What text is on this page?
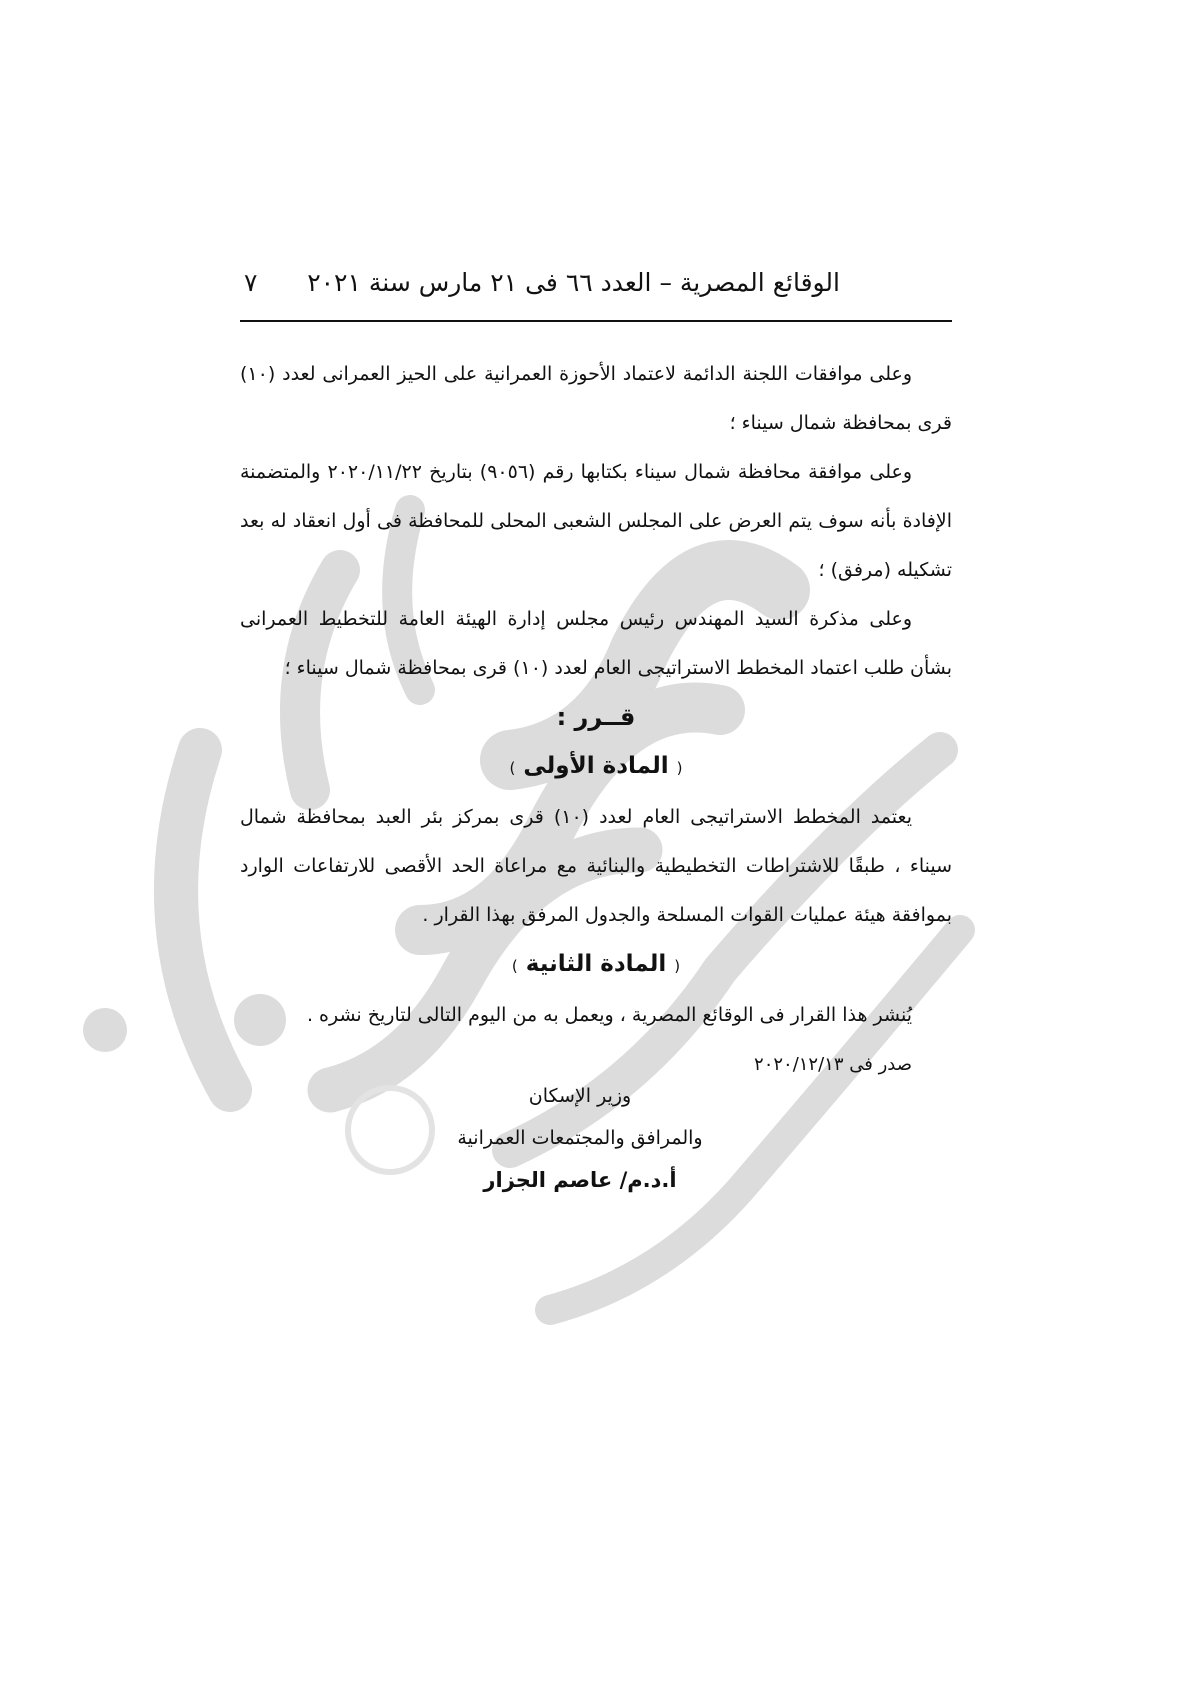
الوقائع المصرية – العدد ٦٦ فى ٢١ مارس سنة ٢٠٢١
٧

وعلى موافقات اللجنة الدائمة لاعتماد الأحوزة العمرانية على الحيز العمرانى لعدد (١٠) قرى بمحافظة شمال سيناء ؛

وعلى موافقة محافظة شمال سيناء بكتابها رقم (٩٠٥٦) بتاريخ ٢٠٢٠/١١/٢٢ والمتضمنة الإفادة بأنه سوف يتم العرض على المجلس الشعبى المحلى للمحافظة فى أول انعقاد له بعد تشكيله (مرفق) ؛

وعلى مذكرة السيد المهندس رئيس مجلس إدارة الهيئة العامة للتخطيط العمرانى بشأن طلب اعتماد المخطط الاستراتيجى العام لعدد (١٠) قرى بمحافظة شمال سيناء ؛

قــرر :

( المادة الأولى )

يعتمد المخطط الاستراتيجى العام لعدد (١٠) قرى بمركز بئر العبد بمحافظة شمال سيناء ، طبقًا للاشتراطات التخطيطية والبنائية مع مراعاة الحد الأقصى للارتفاعات الوارد بموافقة هيئة عمليات القوات المسلحة والجدول المرفق بهذا القرار .

( المادة الثانية )

يُنشر هذا القرار فى الوقائع المصرية ، ويعمل به من اليوم التالى لتاريخ نشره .

صدر فى ٢٠٢٠/١٢/١٣

وزير الإسكان
والمرافق والمجتمعات العمرانية
أ.د.م/ عاصم الجزار
